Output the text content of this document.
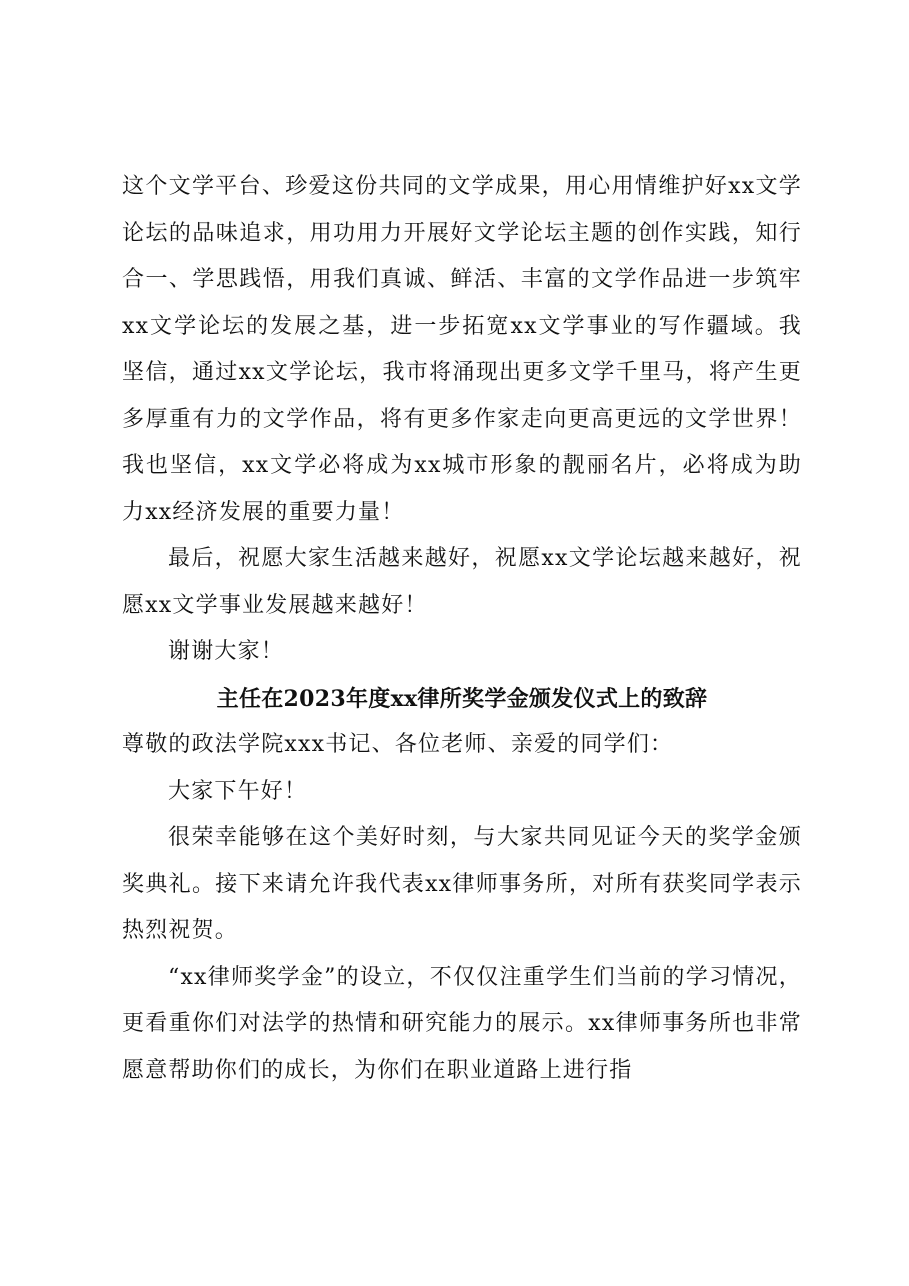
这个文学平台、珍爱这份共同的文学成果，用心用情维护好xx文学论坛的品味追求，用功用力开展好文学论坛主题的创作实践，知行合一、学思践悟，用我们真诚、鲜活、丰富的文学作品进一步筑牢xx文学论坛的发展之基，进一步拓宽xx文学事业的写作疆域。我坚信，通过xx文学论坛，我市将涌现出更多文学千里马，将产生更多厚重有力的文学作品，将有更多作家走向更高更远的文学世界！我也坚信，xx文学必将成为xx城市形象的靓丽名片，必将成为助力xx经济发展的重要力量！

最后，祝愿大家生活越来越好，祝愿xx文学论坛越来越好，祝愿xx文学事业发展越来越好！

谢谢大家！

主任在2023年度xx律所奖学金颁发仪式上的致辞

尊敬的政法学院xxx书记、各位老师、亲爱的同学们：

大家下午好！

很荣幸能够在这个美好时刻，与大家共同见证今天的奖学金颁奖典礼。接下来请允许我代表xx律师事务所，对所有获奖同学表示热烈祝贺。

“xx律师奖学金”的设立，不仅仅注重学生们当前的学习情况，更看重你们对法学的热情和研究能力的展示。xx律师事务所也非常愿意帮助你们的成长，为你们在职业道路上进行指
